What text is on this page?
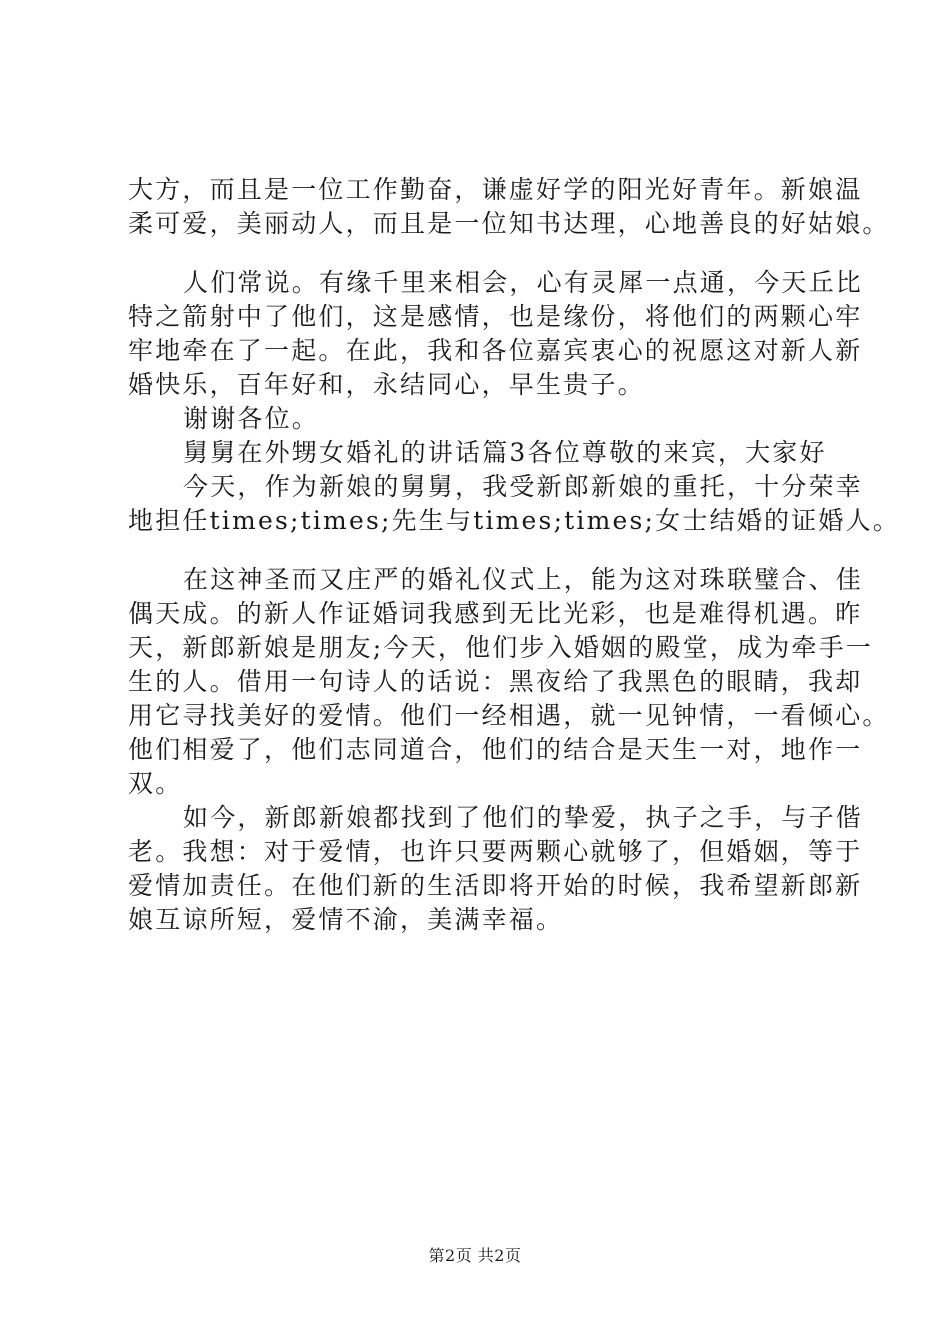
大方，而且是一位工作勤奋，谦虚好学的阳光好青年。新娘温
柔可爱，美丽动人，而且是一位知书达理，心地善良的好姑娘。
人们常说。有缘千里来相会，心有灵犀一点通，今天丘比
特之箭射中了他们，这是感情，也是缘份，将他们的两颗心牢
牢地牵在了一起。在此，我和各位嘉宾衷心的祝愿这对新人新
婚快乐，百年好和，永结同心，早生贵子。
谢谢各位。
舅舅在外甥女婚礼的讲话篇3各位尊敬的来宾，大家好
今天，作为新娘的舅舅，我受新郎新娘的重托，十分荣幸
地担任times;times;先生与times;times;女士结婚的证婚人。
在这神圣而又庄严的婚礼仪式上，能为这对珠联璧合、佳
偶天成。的新人作证婚词我感到无比光彩，也是难得机遇。昨
天，新郎新娘是朋友;今天，他们步入婚姻的殿堂，成为牵手一
生的人。借用一句诗人的话说：黑夜给了我黑色的眼睛，我却
用它寻找美好的爱情。他们一经相遇，就一见钟情，一看倾心。
他们相爱了，他们志同道合，他们的结合是天生一对，地作一
双。
如今，新郎新娘都找到了他们的挚爱，执子之手，与子偕
老。我想：对于爱情，也许只要两颗心就够了，但婚姻，等于
爱情加责任。在他们新的生活即将开始的时候，我希望新郎新
娘互谅所短，爱情不渝，美满幸福。
第2页 共2页
